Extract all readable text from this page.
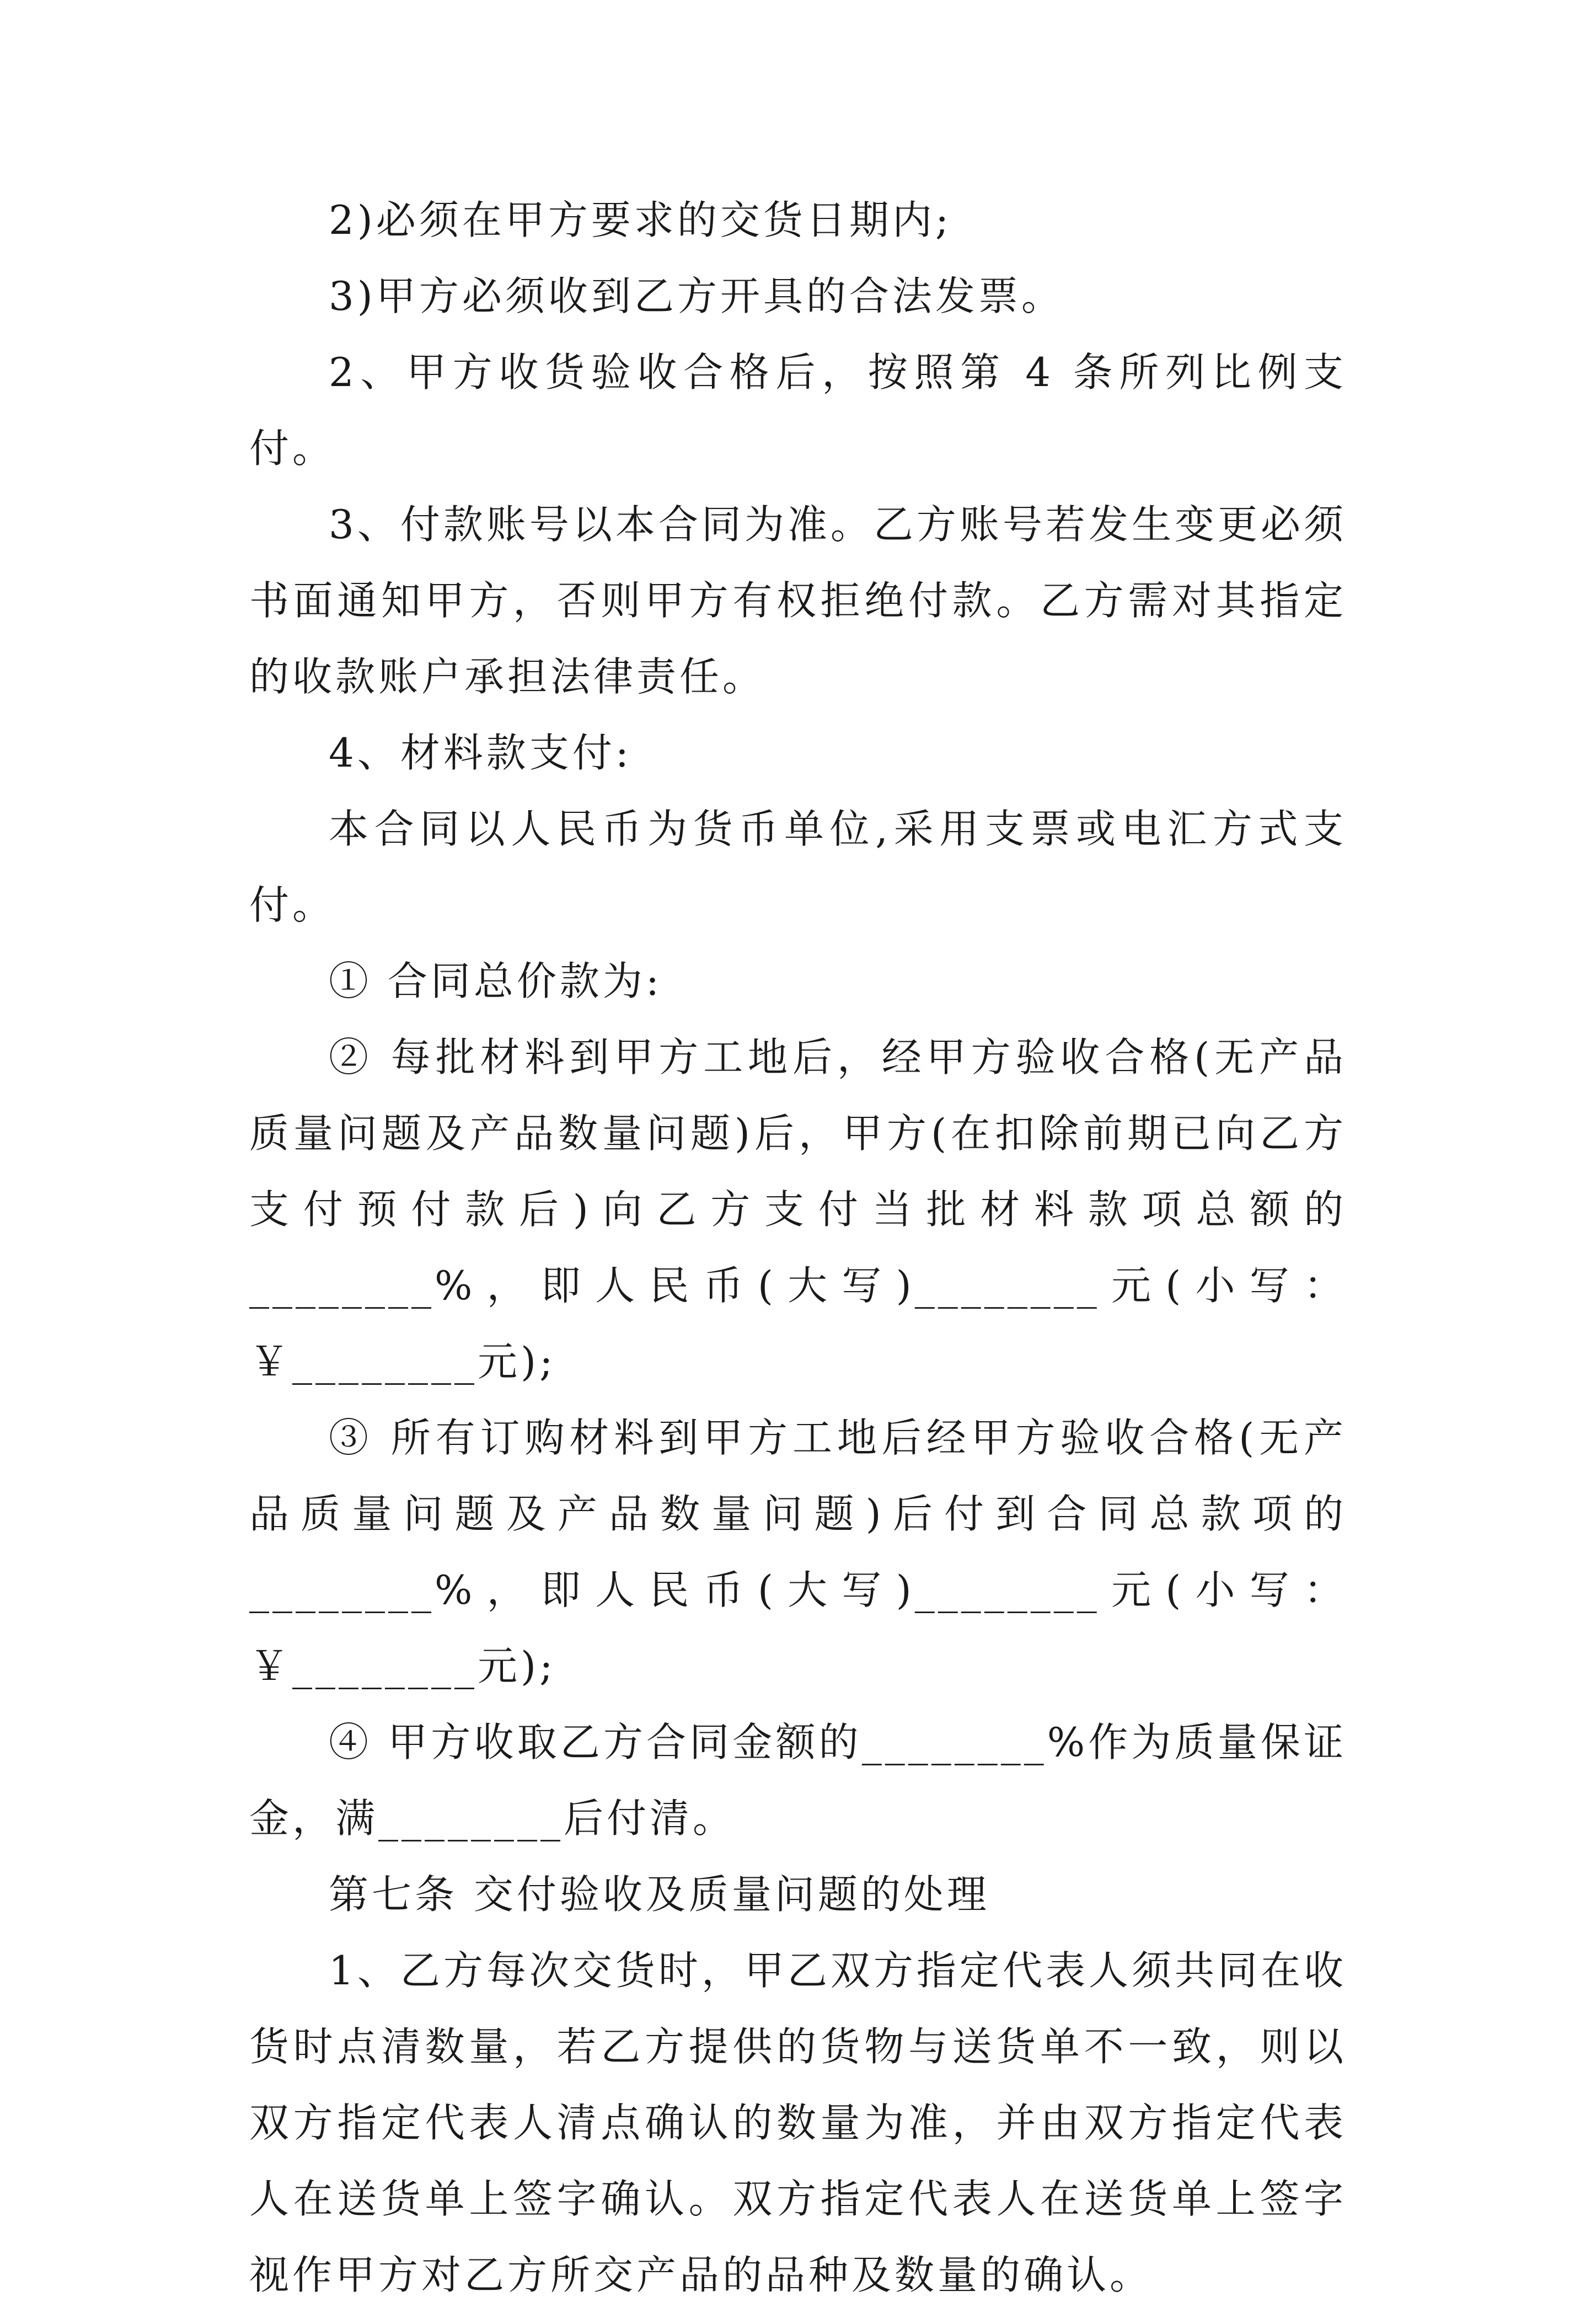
2)必须在甲方要求的交货日期内;

3)甲方必须收到乙方开具的合法发票。

2、甲方收货验收合格后，按照第 4 条所列比例支付。

3、付款账号以本合同为准。乙方账号若发生变更必须书面通知甲方，否则甲方有权拒绝付款。乙方需对其指定的收款账户承担法律责任。

4、材料款支付:

本合同以人民币为货币单位,采用支票或电汇方式支付。

① 合同总价款为:

② 每批材料到甲方工地后，经甲方验收合格(无产品质量问题及产品数量问题)后，甲方(在扣除前期已向乙方支付预付款后)向乙方支付当批材料款项总额的________%，即人民币(大写)________元(小写：￥________元);

③ 所有订购材料到甲方工地后经甲方验收合格(无产品质量问题及产品数量问题)后付到合同总款项的________%，即人民币(大写)________元(小写：￥________元);

④ 甲方收取乙方合同金额的________%作为质量保证金，满________后付清。

第七条 交付验收及质量问题的处理

1、乙方每次交货时，甲乙双方指定代表人须共同在收货时点清数量，若乙方提供的货物与送货单不一致，则以双方指定代表人清点确认的数量为准，并由双方指定代表人在送货单上签字确认。双方指定代表人在送货单上签字视作甲方对乙方所交产品的品种及数量的确认。
